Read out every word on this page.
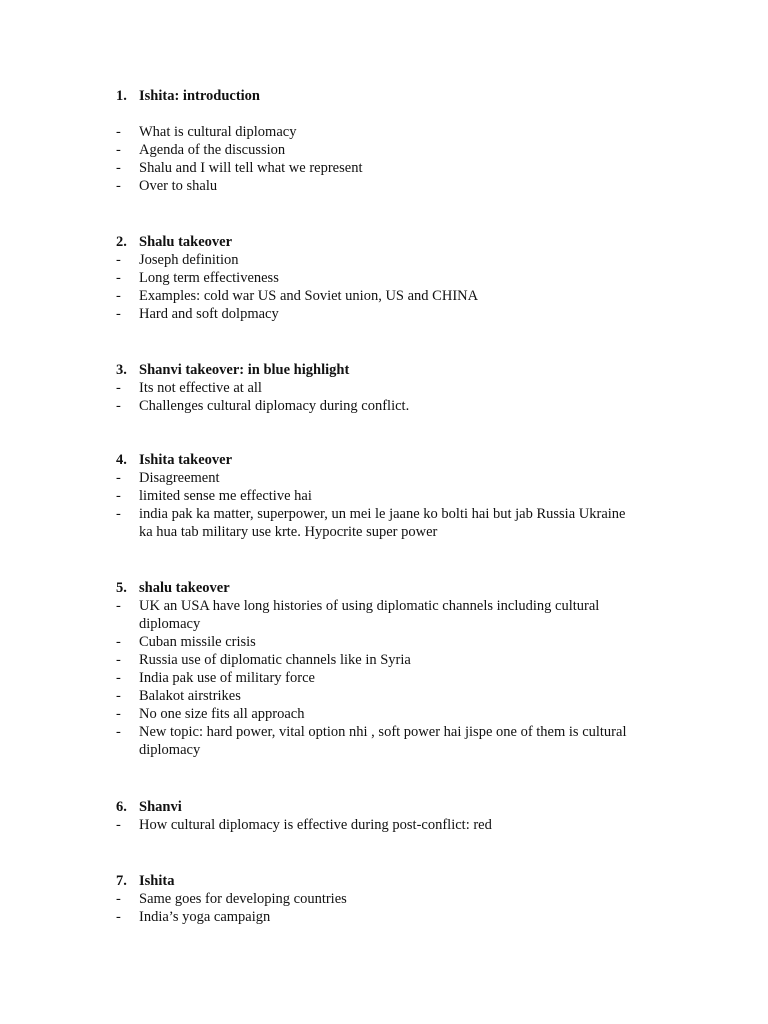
1. Ishita: introduction
- What is cultural diplomacy
- Agenda of the discussion
- Shalu and I will tell what we represent
- Over to shalu
2. Shalu takeover
- Joseph definition
- Long term effectiveness
- Examples: cold war US and Soviet union, US and CHINA
- Hard and soft dolpmacy
3. Shanvi takeover: in blue highlight
- Its not effective at all
- Challenges cultural diplomacy during conflict.
4. Ishita takeover
- Disagreement
- limited sense me effective hai
- india pak ka matter, superpower, un mei le jaane ko bolti hai but jab Russia Ukraine
ka hua tab military use krte. Hypocrite super power
5. shalu takeover
- UK an USA have long histories of using diplomatic channels including cultural
diplomacy
- Cuban missile crisis
- Russia use of diplomatic channels like in Syria
- India pak use of military force
- Balakot airstrikes
- No one size fits all approach
- New topic: hard power, vital option nhi , soft power hai jispe one of them is cultural
diplomacy
6. Shanvi
- How cultural diplomacy is effective during post-conflict: red
7. Ishita
- Same goes for developing countries
- India’s yoga campaign
